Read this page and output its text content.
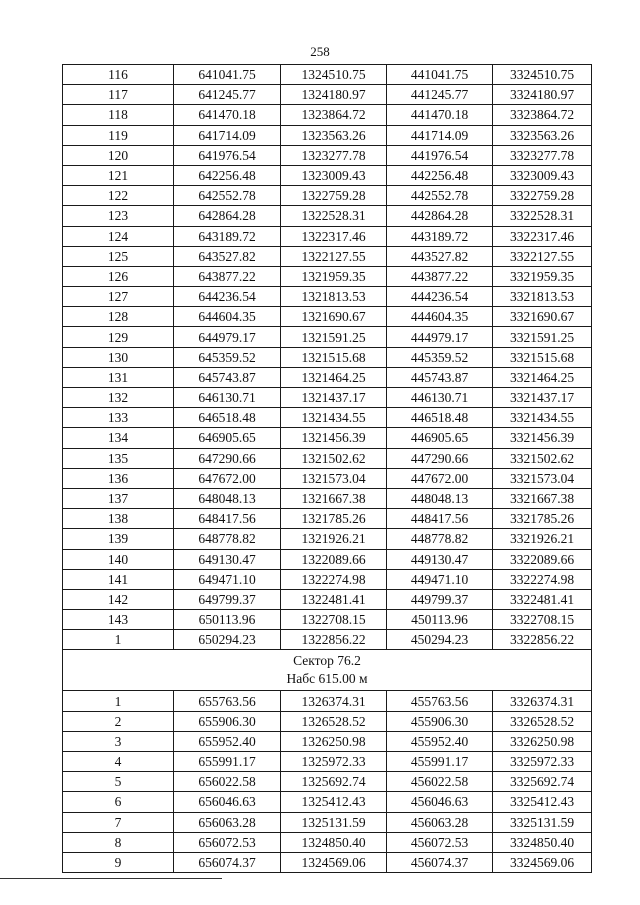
258
116	641041.75	1324510.75	441041.75	3324510.75
117	641245.77	1324180.97	441245.77	3324180.97
118	641470.18	1323864.72	441470.18	3323864.72
119	641714.09	1323563.26	441714.09	3323563.26
120	641976.54	1323277.78	441976.54	3323277.78
121	642256.48	1323009.43	442256.48	3323009.43
122	642552.78	1322759.28	442552.78	3322759.28
123	642864.28	1322528.31	442864.28	3322528.31
124	643189.72	1322317.46	443189.72	3322317.46
125	643527.82	1322127.55	443527.82	3322127.55
126	643877.22	1321959.35	443877.22	3321959.35
127	644236.54	1321813.53	444236.54	3321813.53
128	644604.35	1321690.67	444604.35	3321690.67
129	644979.17	1321591.25	444979.17	3321591.25
130	645359.52	1321515.68	445359.52	3321515.68
131	645743.87	1321464.25	445743.87	3321464.25
132	646130.71	1321437.17	446130.71	3321437.17
133	646518.48	1321434.55	446518.48	3321434.55
134	646905.65	1321456.39	446905.65	3321456.39
135	647290.66	1321502.62	447290.66	3321502.62
136	647672.00	1321573.04	447672.00	3321573.04
137	648048.13	1321667.38	448048.13	3321667.38
138	648417.56	1321785.26	448417.56	3321785.26
139	648778.82	1321926.21	448778.82	3321926.21
140	649130.47	1322089.66	449130.47	3322089.66
141	649471.10	1322274.98	449471.10	3322274.98
142	649799.37	1322481.41	449799.37	3322481.41
143	650113.96	1322708.15	450113.96	3322708.15
1	650294.23	1322856.22	450294.23	3322856.22

Сектор 76.2
Набс 615.00 м				

1	655763.56	1326374.31	455763.56	3326374.31
2	655906.30	1326528.52	455906.30	3326528.52
3	655952.40	1326250.98	455952.40	3326250.98
4	655991.17	1325972.33	455991.17	3325972.33
5	656022.58	1325692.74	456022.58	3325692.74
6	656046.63	1325412.43	456046.63	3325412.43
7	656063.28	1325131.59	456063.28	3325131.59
8	656072.53	1324850.40	456072.53	3324850.40
9	656074.37	1324569.06	456074.37	3324569.06
